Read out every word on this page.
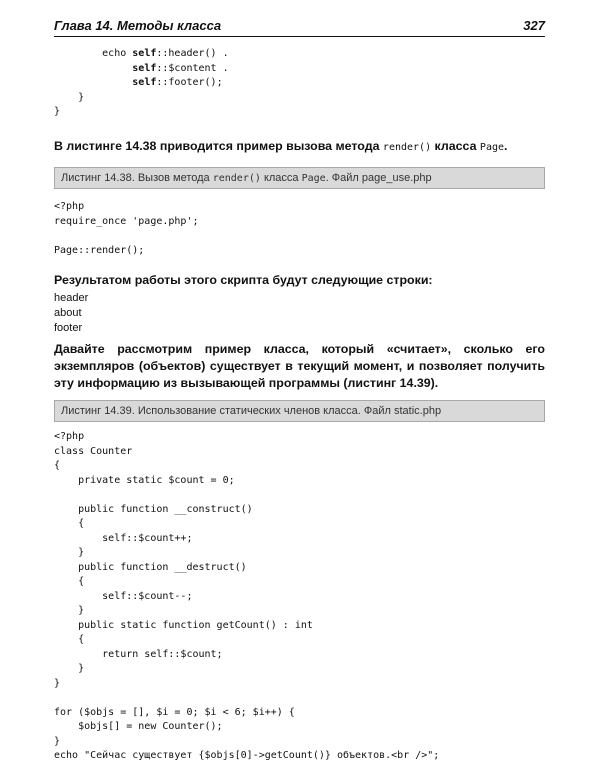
Глава 14. Методы класса	327
echo self::header() .
self::$content .
self::footer();
}
}
В листинге 14.38 приводится пример вызова метода render() класса Page.
Листинг 14.38. Вызов метода render() класса Page. Файл page_use.php
<?php
require_once 'page.php';

Page::render();
Результатом работы этого скрипта будут следующие строки:
header
about
footer
Давайте рассмотрим пример класса, который «считает», сколько его экземпляров (объектов) существует в текущий момент, и позволяет получить эту информацию из вызывающей программы (листинг 14.39).
Листинг 14.39. Использование статических членов класса. Файл static.php
<?php
class Counter
{
private static $count = 0;

public function __construct()
{
self::$count++;
}
public function __destruct()
{
self::$count--;
}
public static function getCount() : int
{
return self::$count;
}
}

for ($objs = [], $i = 0; $i < 6; $i++) {
$objs[] = new Counter();
}
echo "Сейчас существует {$objs[0]->getCount()} объектов.<br />";
